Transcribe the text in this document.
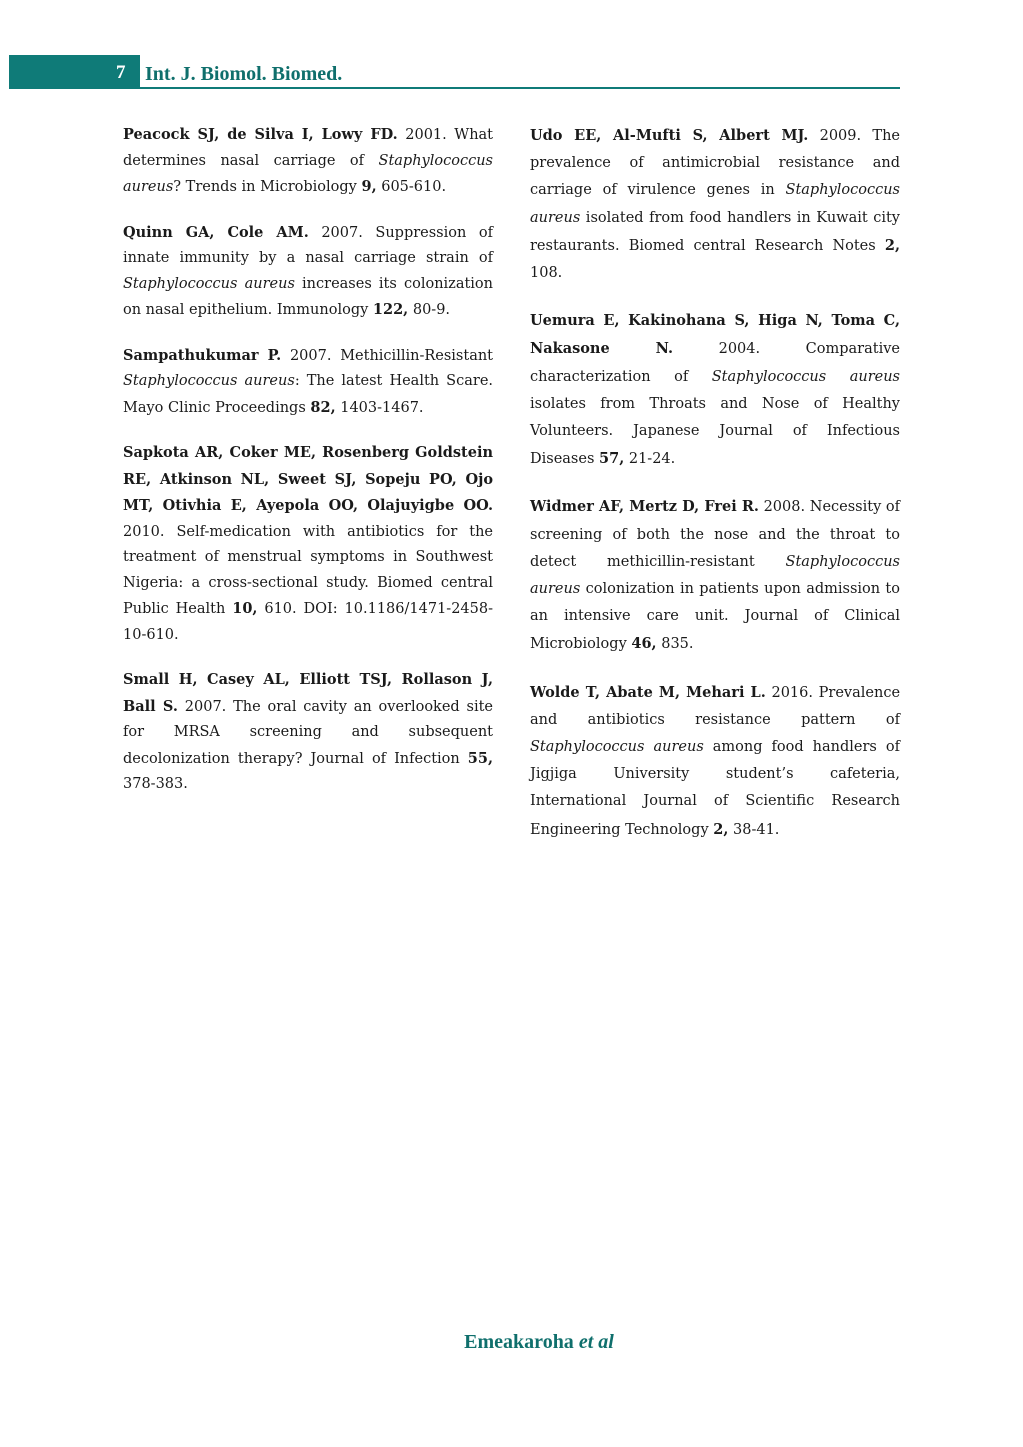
7 Int. J. Biomol. Biomed.

Peacock SJ, de Silva I, Lowy FD. 2001. What determines nasal carriage of Staphylococcus aureus? Trends in Microbiology 9, 605-610.

Quinn GA, Cole AM. 2007. Suppression of innate immunity by a nasal carriage strain of Staphylococcus aureus increases its colonization on nasal epithelium. Immunology 122, 80-9.

Sampathukumar P. 2007. Methicillin-Resistant Staphylococcus aureus: The latest Health Scare. Mayo Clinic Proceedings 82, 1403-1467.

Sapkota AR, Coker ME, Rosenberg Goldstein RE, Atkinson NL, Sweet SJ, Sopeju PO, Ojo MT, Otivhia E, Ayepola OO, Olajuyigbe OO. 2010. Self-medication with antibiotics for the treatment of menstrual symptoms in Southwest Nigeria: a cross-sectional study. Biomed central Public Health 10, 610. DOI: 10.1186/1471-2458-10-610.

Small H, Casey AL, Elliott TSJ, Rollason J, Ball S. 2007. The oral cavity an overlooked site for MRSA screening and subsequent decolonization therapy? Journal of Infection 55, 378-383.

Udo EE, Al-Mufti S, Albert MJ. 2009. The prevalence of antimicrobial resistance and carriage of virulence genes in Staphylococcus aureus isolated from food handlers in Kuwait city restaurants. Biomed central Research Notes 2, 108.

Uemura E, Kakinohana S, Higa N, Toma C, Nakasone N.	2004.	Comparative characterization of Staphylococcus aureus isolates from Throats and Nose of Healthy Volunteers. Japanese Journal of Infectious Diseases 57, 21-24.

Widmer AF, Mertz D, Frei R. 2008. Necessity of screening of both the nose and the throat to detect methicillin-resistant Staphylococcus aureus colonization in patients upon admission to an intensive care unit. Journal of Clinical Microbiology 46, 835.

Wolde T, Abate M, Mehari L. 2016. Prevalence and antibiotics resistance pattern of Staphylococcus aureus among food handlers of Jigjiga University student’s cafeteria, International Journal of Scientific Research Engineering Technology 2, 38-41.

Emeakaroha et al
